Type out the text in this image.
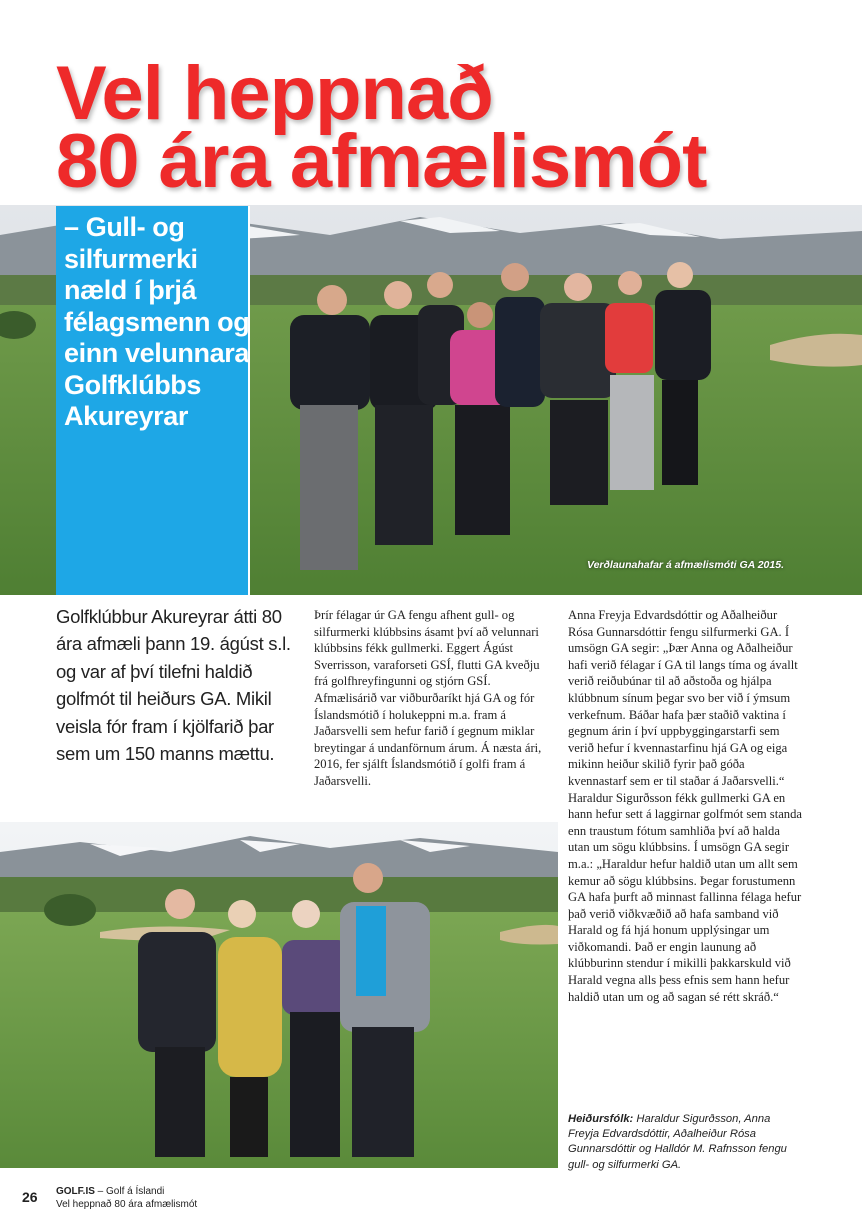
Vel heppnað
80 ára afmælismót
Verðlaunahafar á afmælismóti GA 2015.

– Gull- og silfurmerki næld í þrjá félagsmenn og einn velunnara Golfklúbbs Akureyrar

Golfklúbbur Akureyrar átti 80 ára afmæli þann 19. ágúst s.l. og var af því tilefni haldið golfmót til heiðurs GA. Mikil veisla fór fram í kjölfarið þar sem um 150 manns mættu.

Þrír félagar úr GA fengu afhent gull- og silfurmerki klúbbsins ásamt því að velunnari klúbbsins fékk gullmerki. Eggert Ágúst Sverrisson, varaforseti GSÍ, flutti GA kveðju frá golfhreyfingunni og stjórn GSÍ. Afmælisárið var viðburðaríkt hjá GA og fór Íslandsmótið í holukeppni m.a. fram á Jaðarsvelli sem hefur farið í gegnum miklar breytingar á undanförnum árum. Á næsta ári, 2016, fer sjálft Íslandsmótið í golfi fram á Jaðarsvelli.

Anna Freyja Edvardsdóttir og Aðalheiður Rósa Gunnarsdóttir fengu silfurmerki GA. Í umsögn GA segir: „Þær Anna og Aðalheiður hafi verið félagar í GA til langs tíma og ávallt verið reiðubúnar til að aðstoða og hjálpa klúbbnum sínum þegar svo ber við í ýmsum verkefnum. Báðar hafa þær staðið vaktina í gegnum árin í því uppbyggingarstarfi sem verið hefur í kvennastarfinu hjá GA og eiga mikinn heiður skilið fyrir það góða kvennastarf sem er til staðar á Jaðarsvelli.“

Haraldur Sigurðsson fékk gullmerki GA en hann hefur sett á laggirnar golfmót sem standa enn traustum fótum samhliða því að halda utan um sögu klúbbsins. Í umsögn GA segir m.a.: „Haraldur hefur haldið utan um allt sem kemur að sögu klúbbsins. Þegar forustumenn GA hafa þurft að minnast fallinna félaga hefur það verið viðkvæðið að hafa samband við Harald og fá hjá honum upplýsingar um viðkomandi. Það er engin launung að klúbburinn stendur í mikilli þakkarskuld við Harald vegna alls þess efnis sem hann hefur haldið utan um og að sagan sé rétt skráð.“

Heiðursfólk: Haraldur Sigurðsson, Anna Freyja Edvardsdóttir, Aðalheiður Rósa Gunnarsdóttir og Halldór M. Rafnsson fengu gull- og silfurmerki GA.

26 GOLF.IS – Golf á Íslandi
Vel heppnað 80 ára afmælismót
